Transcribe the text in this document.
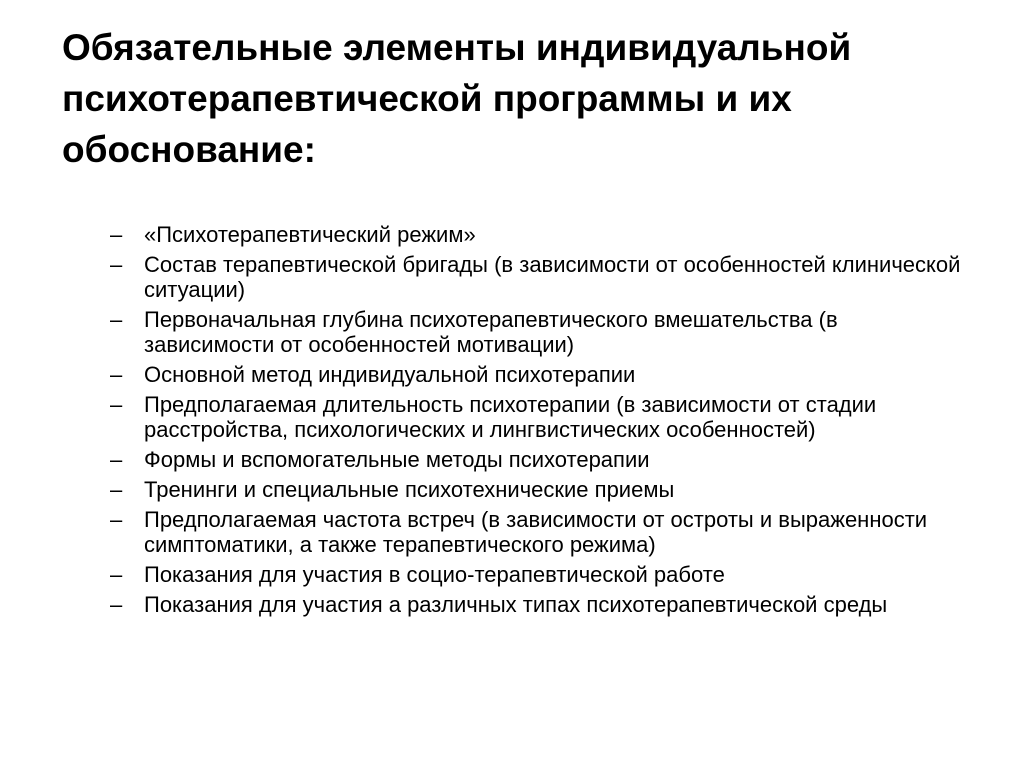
Обязательные элементы индивидуальной психотерапевтической программы и их обоснование:
– «Психотерапевтический режим»
– Состав терапевтической бригады (в зависимости от особенностей клинической ситуации)
– Первоначальная глубина психотерапевтического вмешательства (в зависимости от особенностей мотивации)
– Основной метод индивидуальной психотерапии
– Предполагаемая длительность психотерапии (в зависимости от стадии расстройства, психологических и лингвистических особенностей)
– Формы и вспомогательные методы психотерапии
– Тренинги и специальные психотехнические приемы
– Предполагаемая частота встреч (в зависимости от остроты и выраженности симптоматики, а также терапевтического режима)
– Показания для участия в социо-терапевтической работе
– Показания для участия а различных типах психотерапевтической среды
